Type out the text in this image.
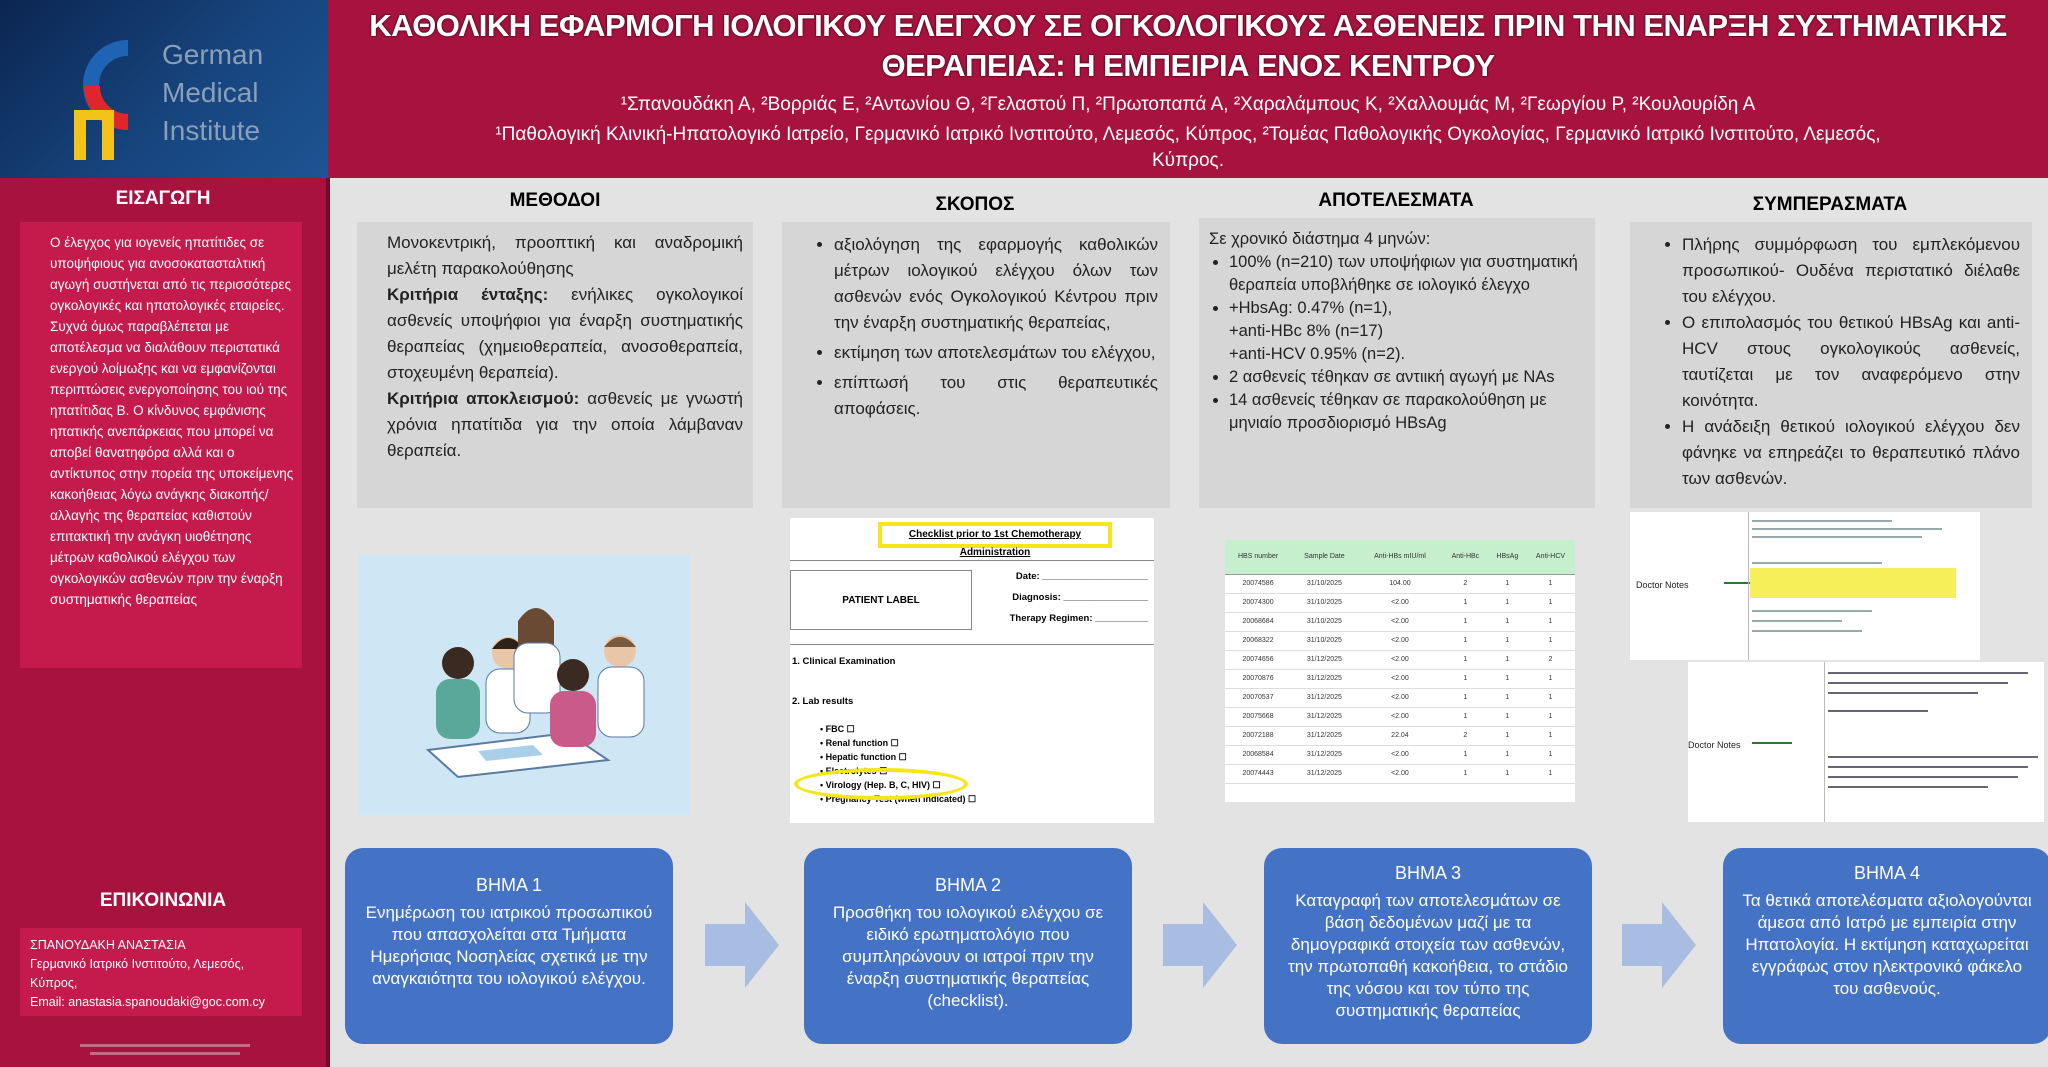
German
Medical
Institute
ΚΑΘΟΛΙΚΗ ΕΦΑΡΜΟΓΗ ΙΟΛΟΓΙΚΟΥ ΕΛΕΓΧΟΥ ΣΕ ΟΓΚΟΛΟΓΙΚΟΥΣ ΑΣΘΕΝΕΙΣ ΠΡΙΝ ΤΗΝ ΕΝΑΡΞΗ ΣΥΣΤΗΜΑΤΙΚΗΣ
ΘΕΡΑΠΕΙΑΣ: Η ΕΜΠΕΙΡΙΑ ΕΝΟΣ ΚΕΝΤΡΟΥ
¹Σπανουδάκη Α, ²Βορριάς Ε, ²Αντωνίου Θ, ²Γελαστού Π, ²Πρωτοπαπά Α, ²Χαραλάμπους Κ, ²Χαλλουμάς Μ, ²Γεωργίου Ρ, ²Κουλουρίδη Α
¹Παθολογική Κλινική-Ηπατολογικό Ιατρείο, Γερμανικό Ιατρικό Ινστιτούτο, Λεμεσός, Κύπρος, ²Τομέας Παθολογικής Ογκολογίας, Γερμανικό Ιατρικό Ινστιτούτο, Λεμεσός,
Κύπρος.
ΕΙΣΑΓΩΓΗ
Ο έλεγχος για ιογενείς ηπατίτιδες σε υποψήφιους για ανοσοκατασταλτική αγωγή συστήνεται από τις περισσότερες ογκολογικές και ηπατολογικές εταιρείες. Συχνά όμως παραβλέπεται με αποτέλεσμα να διαλάθουν περιστατικά ενεργού λοίμωξης και να εμφανίζονται περιπτώσεις ενεργοποίησης του ιού της ηπατίτιδας Β. Ο κίνδυνος εμφάνισης ηπατικής ανεπάρκειας που μπορεί να αποβεί θανατηφόρα αλλά και ο αντίκτυπος στην πορεία της υποκείμενης κακοήθειας λόγω ανάγκης διακοπής/ αλλαγής της θεραπείας καθιστούν επιτακτική την ανάγκη υιοθέτησης μέτρων καθολικού ελέγχου των ογκολογικών ασθενών πριν την έναρξη συστηματικής θεραπείας
ΕΠΙΚΟΙΝΩΝΙΑ
ΣΠΑΝΟΥΔΑΚΗ ΑΝΑΣΤΑΣΙΑ
Γερμανικό Ιατρικό Ινστιτούτο, Λεμεσός,
Κύπρος,
Email: anastasia.spanoudaki@goc.com.cy
ΜΕΘΟΔΟΙ
Μονοκεντρική, προοπτική και αναδρομική μελέτη παρακολούθησης
Κριτήρια ένταξης: ενήλικες ογκολογικοί ασθενείς υποψήφιοι για έναρξη συστηματικής θεραπείας (χημειοθεραπεία, ανοσοθεραπεία, στοχευμένη θεραπεία).
Κριτήρια αποκλεισμού: ασθενείς με γνωστή χρόνια ηπατίτιδα για την οποία λάμβαναν θεραπεία.
ΣΚΟΠΟΣ
• αξιολόγηση της εφαρμογής καθολικών μέτρων ιολογικού ελέγχου όλων των ασθενών ενός Ογκολογικού Κέντρου πριν την έναρξη συστηματικής θεραπείας,
• εκτίμηση των αποτελεσμάτων του ελέγχου,
• επίπτωσή του στις θεραπευτικές αποφάσεις.
ΑΠΟΤΕΛΕΣΜΑΤΑ
Σε χρονικό διάστημα 4 μηνών:
• 100% (n=210) των υποψήφιων για συστηματική θεραπεία υποβλήθηκε σε ιολογικό έλεγχο
• +HbsAg: 0.47% (n=1),
+anti-HBc 8% (n=17)
+anti-HCV 0.95% (n=2).
• 2 ασθενείς τέθηκαν σε αντιική αγωγή με NAs
• 14 ασθενείς τέθηκαν σε παρακολούθηση με μηνιαίο προσδιορισμό HBsAg
ΣΥΜΠΕΡΑΣΜΑΤΑ
• Πλήρης συμμόρφωση του εμπλεκόμενου προσωπικού- Ουδένα περιστατικό διέλαθε του ελέγχου.
• Ο επιπολασμός του θετικού HBsAg και anti-HCV στους ογκολογικούς ασθενείς, ταυτίζεται με τον αναφερόμενο στην κοινότητα.
• Η ανάδειξη θετικού ιολογικού ελέγχου δεν φάνηκε να επηρεάζει το θεραπευτικό πλάνο των ασθενών.
Checklist prior to 1st Chemotherapy Administration
PATIENT LABEL
Date: ____________________
Diagnosis: ________________
Therapy Regimen: __________
1. Clinical Examination
2. Lab results
• FBC ☐
• Renal function ☐
• Hepatic function ☐
• Electrolytes ☐
• Virology (Hep. B, C, HIV) ☐
• Pregnancy Test (when indicated) ☐
HBS number	Sample Date	Anti-HBs mIU/ml	Anti-HBc	HBsAg	Anti-HCV
20074586	31/10/2025	104.00	2	1	1
20074300	31/10/2025	<2.00	1	1	1
20068684	31/10/2025	<2.00	1	1	1
20068322	31/10/2025	<2.00	1	1	1
20074656	31/12/2025	<2.00	1	1	2
20070876	31/12/2025	<2.00	1	1	1
20070537	31/12/2025	<2.00	1	1	1
20075668	31/12/2025	<2.00	1	1	1
20072188	31/12/2025	22.04	2	1	1
20068584	31/12/2025	<2.00	1	1	1
20074443	31/12/2025	<2.00	1	1	1
Doctor Notes
Doctor Notes
ΒΗΜΑ 1
Ενημέρωση του ιατρικού προσωπικού που απασχολείται στα Τμήματα Ημερήσιας Νοσηλείας σχετικά με την αναγκαιότητα του ιολογικού ελέγχου.
ΒΗΜΑ 2
Προσθήκη του ιολογικού ελέγχου σε ειδικό ερωτηματολόγιο που συμπληρώνουν οι ιατροί πριν την έναρξη συστηματικής θεραπείας (checklist).
ΒΗΜΑ 3
Καταγραφή των αποτελεσμάτων σε βάση δεδομένων μαζί με τα δημογραφικά στοιχεία των ασθενών, την πρωτοπαθή κακοήθεια, το στάδιο της νόσου και τον τύπο της συστηματικής θεραπείας
ΒΗΜΑ 4
Τα θετικά αποτελέσματα αξιολογούνται άμεσα από Ιατρό με εμπειρία στην Ηπατολογία. Η εκτίμηση καταχωρείται εγγράφως στον ηλεκτρονικό φάκελο του ασθενούς.
